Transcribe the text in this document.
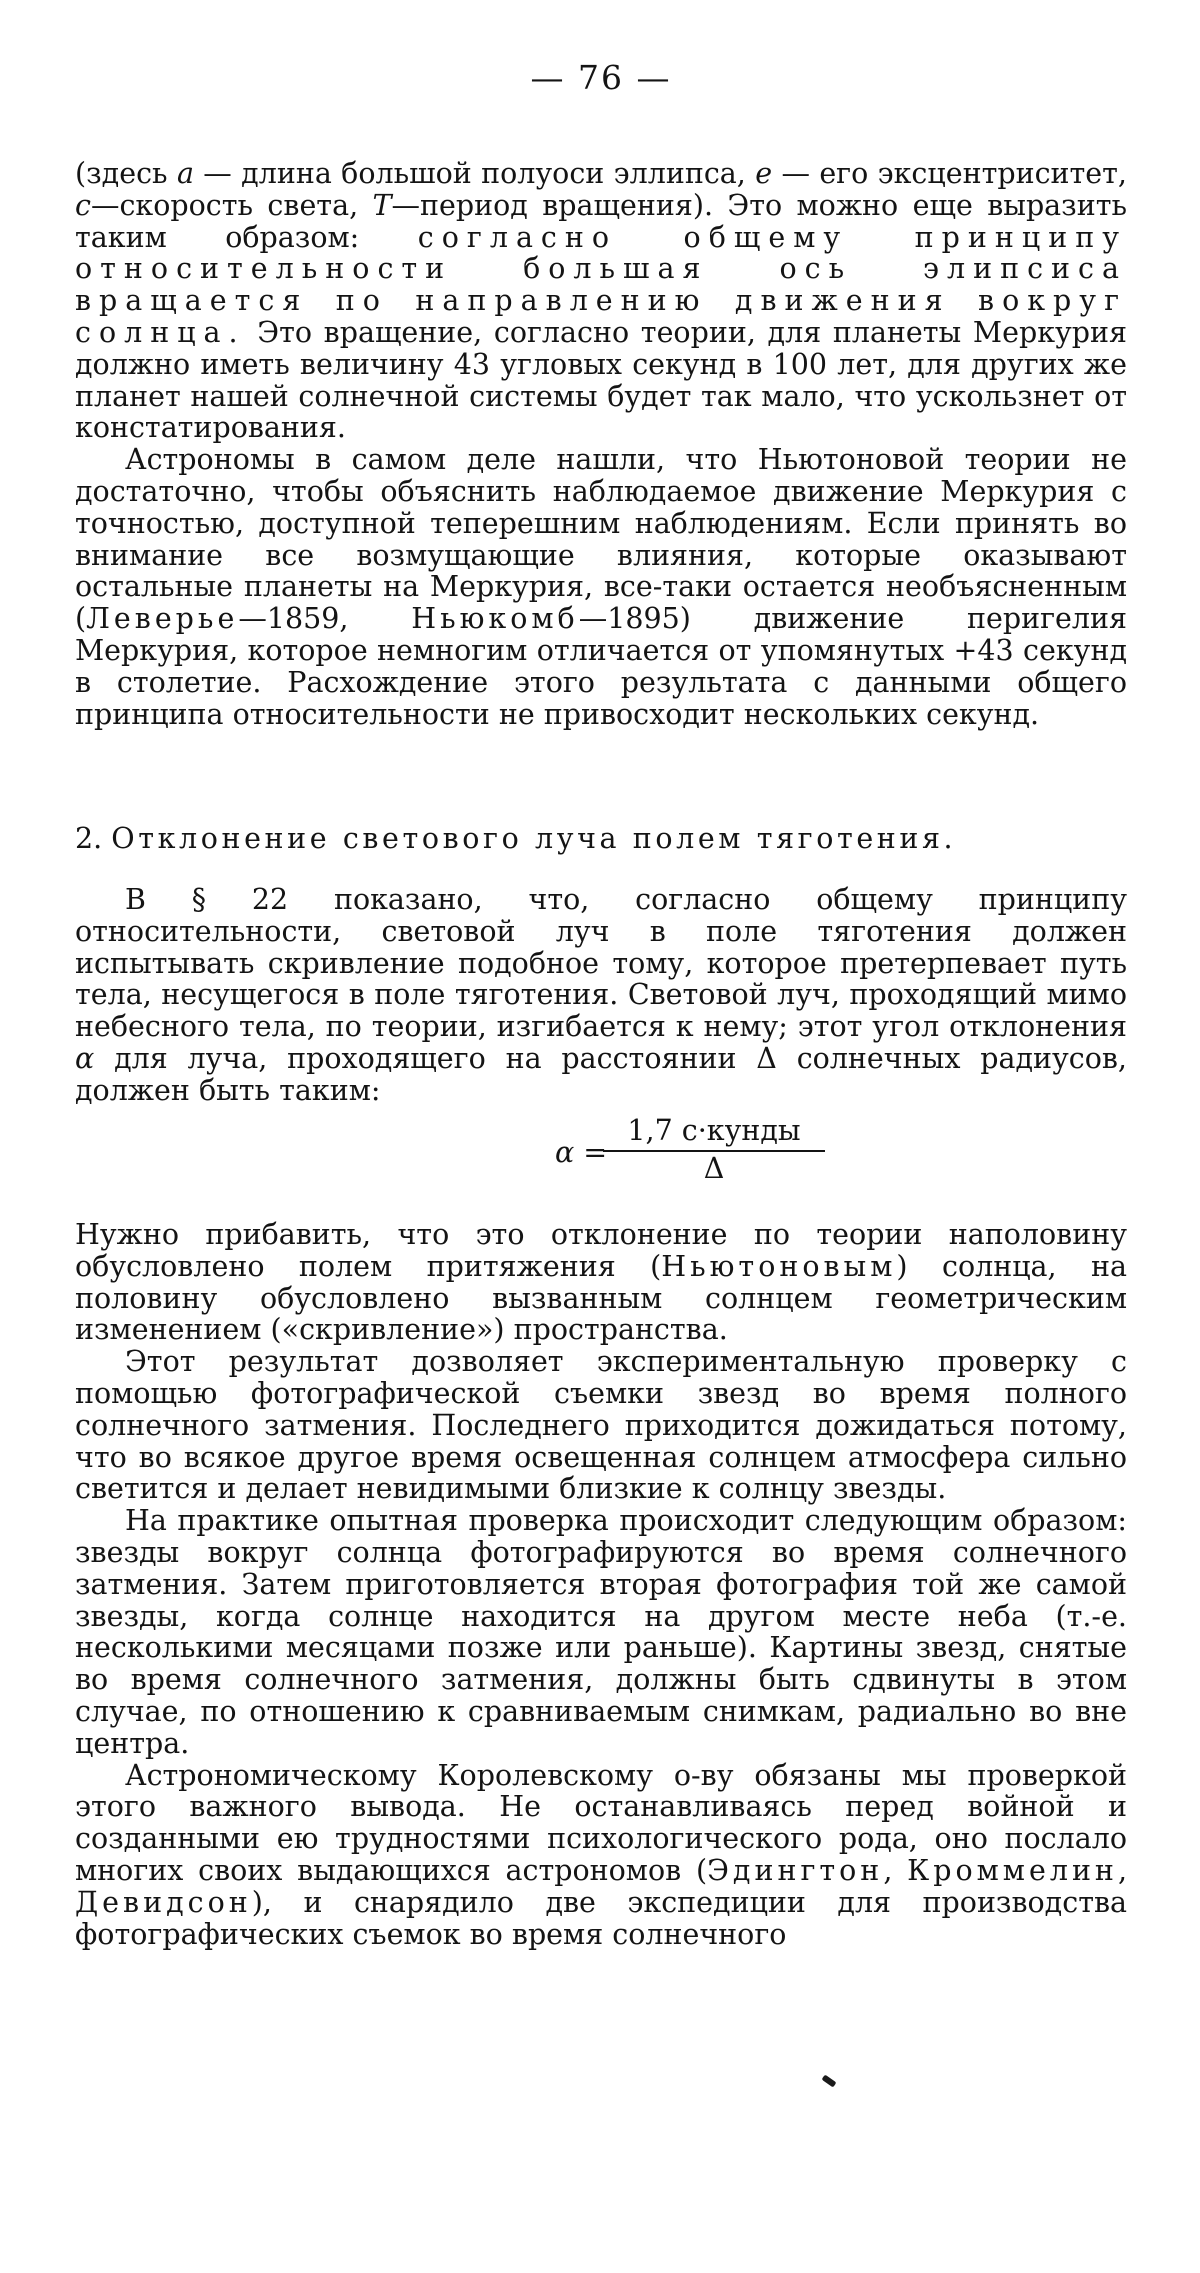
— 76 —

(здесь a — длина большой полуоси эллипса, e — его эксцентриситет, c—скорость света, T—период вращения). Это можно еще выразить таким образом: согласно общему принципу относительности большая ось элипсиса вращается по направлению движения вокруг солнца. Это вращение, согласно теории, для планеты Меркурия должно иметь величину 43 угловых секунд в 100 лет, для других же планет нашей солнечной системы будет так мало, что ускользнет от констатирования.

Астрономы в самом деле нашли, что Ньютоновой теории не достаточно, чтобы объяснить наблюдаемое движение Меркурия с точностью, доступной теперешним наблюдениям. Если принять во внимание все возмущающие влияния, которые оказывают остальные планеты на Меркурия, все-таки остается необъясненным (Леверье—1859, Ньюкомб—1895) движение перигелия Меркурия, которое немногим отличается от упомянутых +43 секунд в столетие. Расхождение этого результата с данными общего принципа относительности не привосходит нескольких секунд.

2. Отклонение светового луча полем тяготения.

В § 22 показано, что, согласно общему принципу относительности, световой луч в поле тяготения должен испытывать скривление подобное тому, которое претерпевает путь тела, несущегося в поле тяготения. Световой луч, проходящий мимо небесного тела, по теории, изгибается к нему; этот угол отклонения α для луча, проходящего на расстоянии Δ солнечных радиусов, должен быть таким:

α =
1,7 с·кунды
Δ

Нужно прибавить, что это отклонение по теории наполовину обусловлено полем притяжения (Ньютоновым) солнца, на половину обусловлено вызванным солнцем геометрическим изменением («скривление») пространства.

Этот результат дозволяет экспериментальную проверку с помощью фотографической съемки звезд во время полного солнечного затмения. Последнего приходится дожидаться потому, что во всякое другое время освещенная солнцем атмосфера сильно светится и делает невидимыми близкие к солнцу звезды.

На практике опытная проверка происходит следующим образом: звезды вокруг солнца фотографируются во время солнечного затмения. Затем приготовляется вторая фотография той же самой звезды, когда солнце находится на другом месте неба (т.-е. несколькими месяцами позже или раньше). Картины звезд, снятые во время солнечного затмения, должны быть сдвинуты в этом случае, по отношению к сравниваемым снимкам, радиально во вне центра.

Астрономическому Королевскому о-ву обязаны мы проверкой этого важного вывода. Не останавливаясь перед войной и созданными ею трудностями психологического рода, оно послало многих своих выдающихся астрономов (Эдингтон, Кроммелин, Девидсон), и снарядило две экспедиции для производства фотографических съемок во время солнечного
